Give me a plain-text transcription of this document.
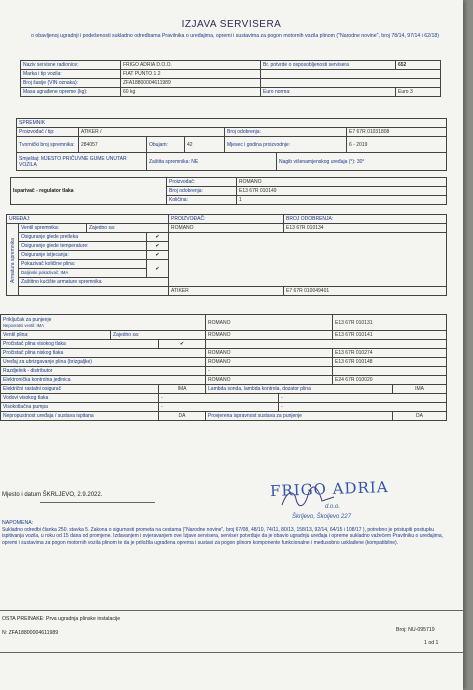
IZJAVA SERVISERA
o obavljenoj ugradnji i podešenosti sukladno odredbama Pravilnika o uređajima, opremi i sustavima za pogon motornih vozila plinom ("Narodne novine", broj 78/14, 97/14 i 62/18)
Naziv servisne radionice:	FRIGO ADRIA D.O.O.	Br. potvrde o osposobljenosti servisera	652
Marka i tip vozila:	FIAT PUNTO 1.2		
Broj šasije (VIN oznaka):	ZFA18800004611989		
Masa ugrađene opreme (kg):	60 kg	Euro norma:	Euro 3
SPREMNIK						
Proizvođač / tip:	ATIKER /			Broj odobrenja:		E7 67R 01031808
Tvornički broj spremnika:	284057	Obujam:	42	Mjesec i godina proizvodnje:		6 - 2019
Smještaj: MJESTO PRIČUVNE GUME UNUTAR VOZILA		Zaštita spremnika: NE			Nagib višenamjenskog uređaja (°): 30°	
Isparivač - regulator tlaka	Proizvođač:	ROMANO
	Broj odobrenja:	E13 67R 010149
	Količina:	1
UREĐAJ:				PROIZVOĐAČ:	BROJ ODOBRENJA:
Armatura spremnika	Ventil spremnika:	Zajedno sa:		ROMANO	E13 67R 010134
	Osiguranje glede pretleka		✔		
	Osiguranje glede temperature:		✔		
	Osiguranje istjecanja:		✔		
	Pokazivač količine plina:		✔		
	Daljinski pokazivač: IMA				
	Zaštitno kućište armature spremnika				
				ATIKER	E7 67R 010049401
Priključak za punjenje
Nepovratni ventil: IMA			ROMANO		E13 67R 010131	
Ventil plina:	Zajedno sa:		ROMANO		E13 67R 010141	
Pročistač plina visokog tlaka		✔				
Pročistač plina niskog tlaka			ROMANO		E13 67R 010274	
Uređaj za ubrizgavanje plina (brizgaljke)			ROMANO		E13 67R 010148	
Razdjelnik - distributor			-			
Elektronička kontrolna jedinica			ROMANO		E24 67R 010020	
Električni rastalni osigurač		IMA	Lambda sonda, lambda kontrola, dozator plina			IMA
Vodovi visokog tlaka		-		-		
Visokotlačna pumpa		-		-		
Nepropustnost uređaja / sustava ispitana		DA	Provjerena ispravnost sustava za punjenje			DA
Mjesto i datum ŠKRLJEVO, 2.9.2022.	FRIGO ADRIA
d.o.o.
Škrljevo, Školjevo 227
NAPOMENA:
Sukladno odredbi članka 250. stavka 5. Zakona o sigurnosti prometa na cestama ("Narodne novine", broj 67/08, 48/10, 74/11, 80/13, 158/13, 92/14, 64/15 i 108/17 ), potrebno je pristupiti postupku ispitivanja vozila, u roku od 15 dana od promjene. Izdavanjem i ovjeravanjem ove Izjave servisera, serviser potvrđuje da je obavio ugradnju uređaja i opreme sukladno važećem Pravilniku o uređajima, opremi i sustavima za pogon motornih vozila plinom te da je priložila ugrađena oprema i sustavi za pogon plinom komponente funkcionalne i međusobno usklađene (kompatibilne).
OSTA PREINAKE: Prva ugradnja plinske instalacije
N: ZFA18800004611989	Broj: NU-095719
1 od 1
